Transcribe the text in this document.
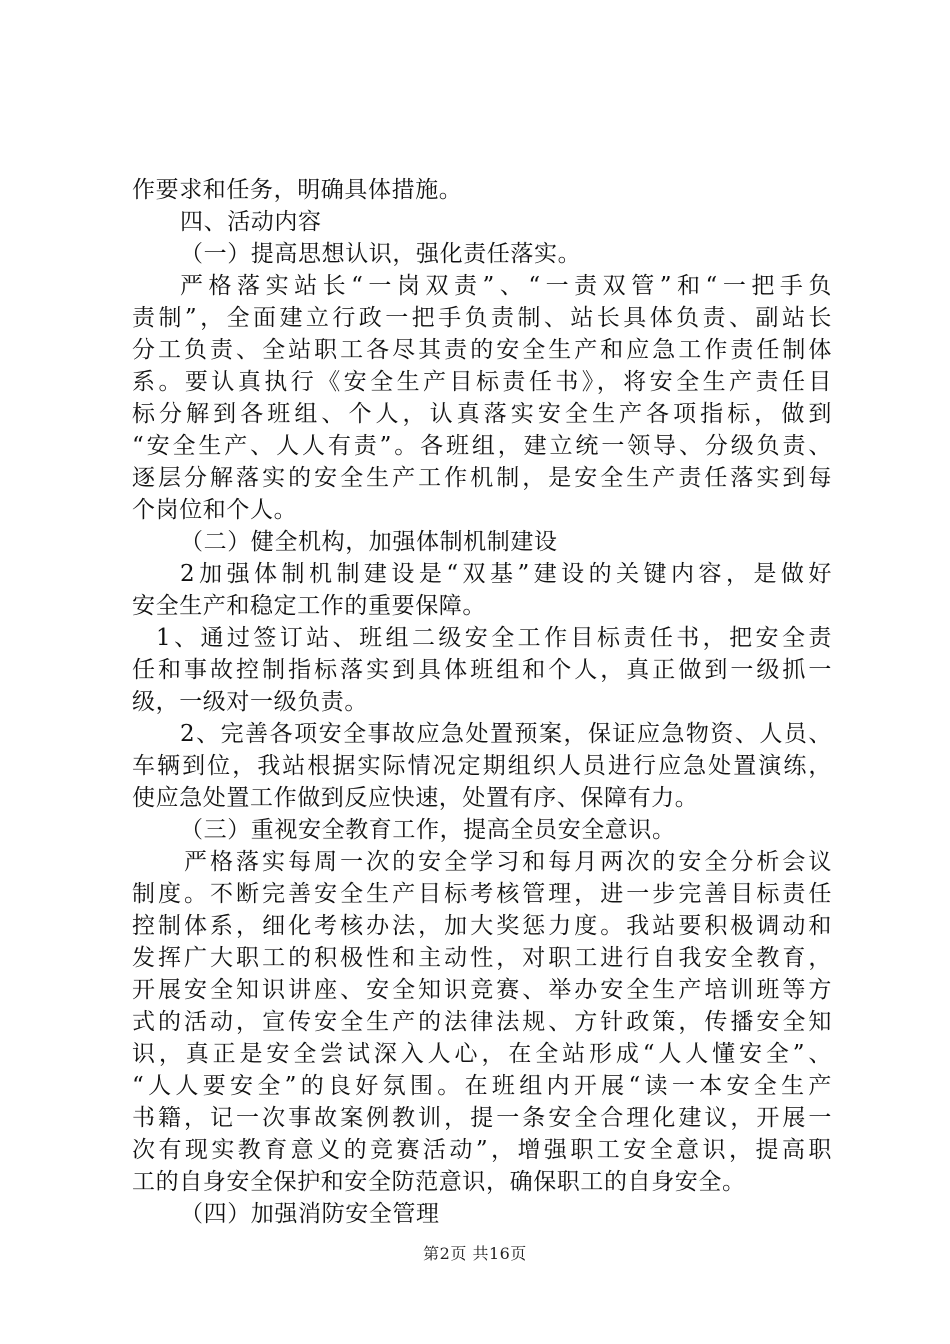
作要求和任务，明确具体措施。
四、活动内容
（一）提高思想认识，强化责任落实。
严格落实站长“一岗双责”、“一责双管”和“一把手负
责制”，全面建立行政一把手负责制、站长具体负责、副站长
分工负责、全站职工各尽其责的安全生产和应急工作责任制体
系。要认真执行《安全生产目标责任书》，将安全生产责任目
标分解到各班组、个人，认真落实安全生产各项指标，做到
“安全生产、人人有责”。各班组，建立统一领导、分级负责、
逐层分解落实的安全生产工作机制，是安全生产责任落实到每
个岗位和个人。
（二）健全机构，加强体制机制建设
2加强体制机制建设是“双基”建设的关键内容，是做好
安全生产和稳定工作的重要保障。
1、通过签订站、班组二级安全工作目标责任书，把安全责
任和事故控制指标落实到具体班组和个人，真正做到一级抓一
级，一级对一级负责。
2、完善各项安全事故应急处置预案，保证应急物资、人员、
车辆到位，我站根据实际情况定期组织人员进行应急处置演练，
使应急处置工作做到反应快速，处置有序、保障有力。
（三）重视安全教育工作，提高全员安全意识。
严格落实每周一次的安全学习和每月两次的安全分析会议
制度。不断完善安全生产目标考核管理，进一步完善目标责任
控制体系，细化考核办法，加大奖惩力度。我站要积极调动和
发挥广大职工的积极性和主动性，对职工进行自我安全教育，
开展安全知识讲座、安全知识竞赛、举办安全生产培训班等方
式的活动，宣传安全生产的法律法规、方针政策，传播安全知
识，真正是安全尝试深入人心，在全站形成“人人懂安全”、
“人人要安全”的良好氛围。在班组内开展“读一本安全生产
书籍，记一次事故案例教训，提一条安全合理化建议，开展一
次有现实教育意义的竞赛活动”，增强职工安全意识，提高职
工的自身安全保护和安全防范意识，确保职工的自身安全。
（四）加强消防安全管理
第2页 共16页
